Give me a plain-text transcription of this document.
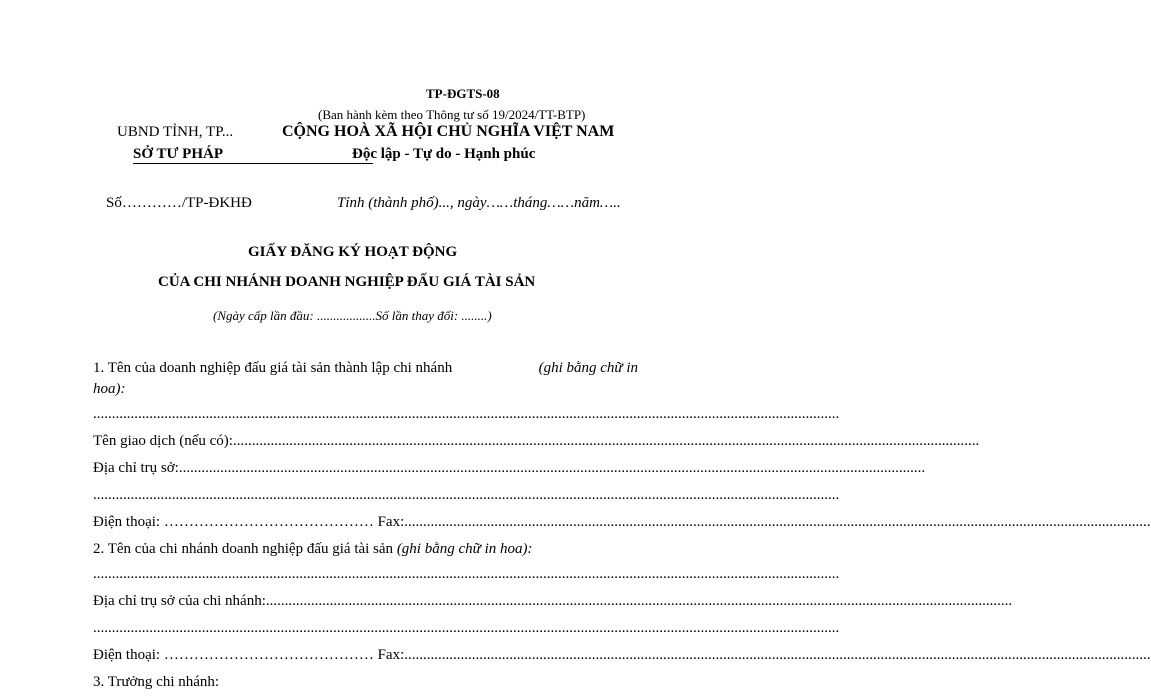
TP-ĐGTS-08
(Ban hành kèm theo Thông tư số 19/2024/TT-BTP)
UBND TỈNH, TP...
SỞ TƯ PHÁP
CỘNG HOÀ XÃ HỘI CHỦ NGHĨA VIỆT NAM
Độc lập - Tự do - Hạnh phúc
Số…………/TP-ĐKHĐ	Tỉnh (thành phố)..., ngày……tháng……năm…..
GIẤY ĐĂNG KÝ HOẠT ĐỘNG
CỦA CHI NHÁNH DOANH NGHIỆP ĐẤU GIÁ TÀI SẢN
(Ngày cấp lần đầu: ..................Số lần thay đổi: ........)
1. Tên của doanh nghiệp đấu giá tài sản thành lập chi nhánh	(ghi bằng chữ in
hoa):
.......................................................................................................................................................................................................
Tên giao dịch (nếu có):.......................................................................................................................................................................................................
Địa chỉ trụ sở:.......................................................................................................................................................................................................
.......................................................................................................................................................................................................
Điện thoại: …………………………………… Fax:.......................................................................................................................................................................................................
2. Tên của chi nhánh doanh nghiệp đấu giá tài sản (ghi bằng chữ in hoa):
.......................................................................................................................................................................................................
Địa chỉ trụ sở của chi nhánh:.......................................................................................................................................................................................................
.......................................................................................................................................................................................................
Điện thoại: …………………………………… Fax:.......................................................................................................................................................................................................
3. Trưởng chi nhánh:
